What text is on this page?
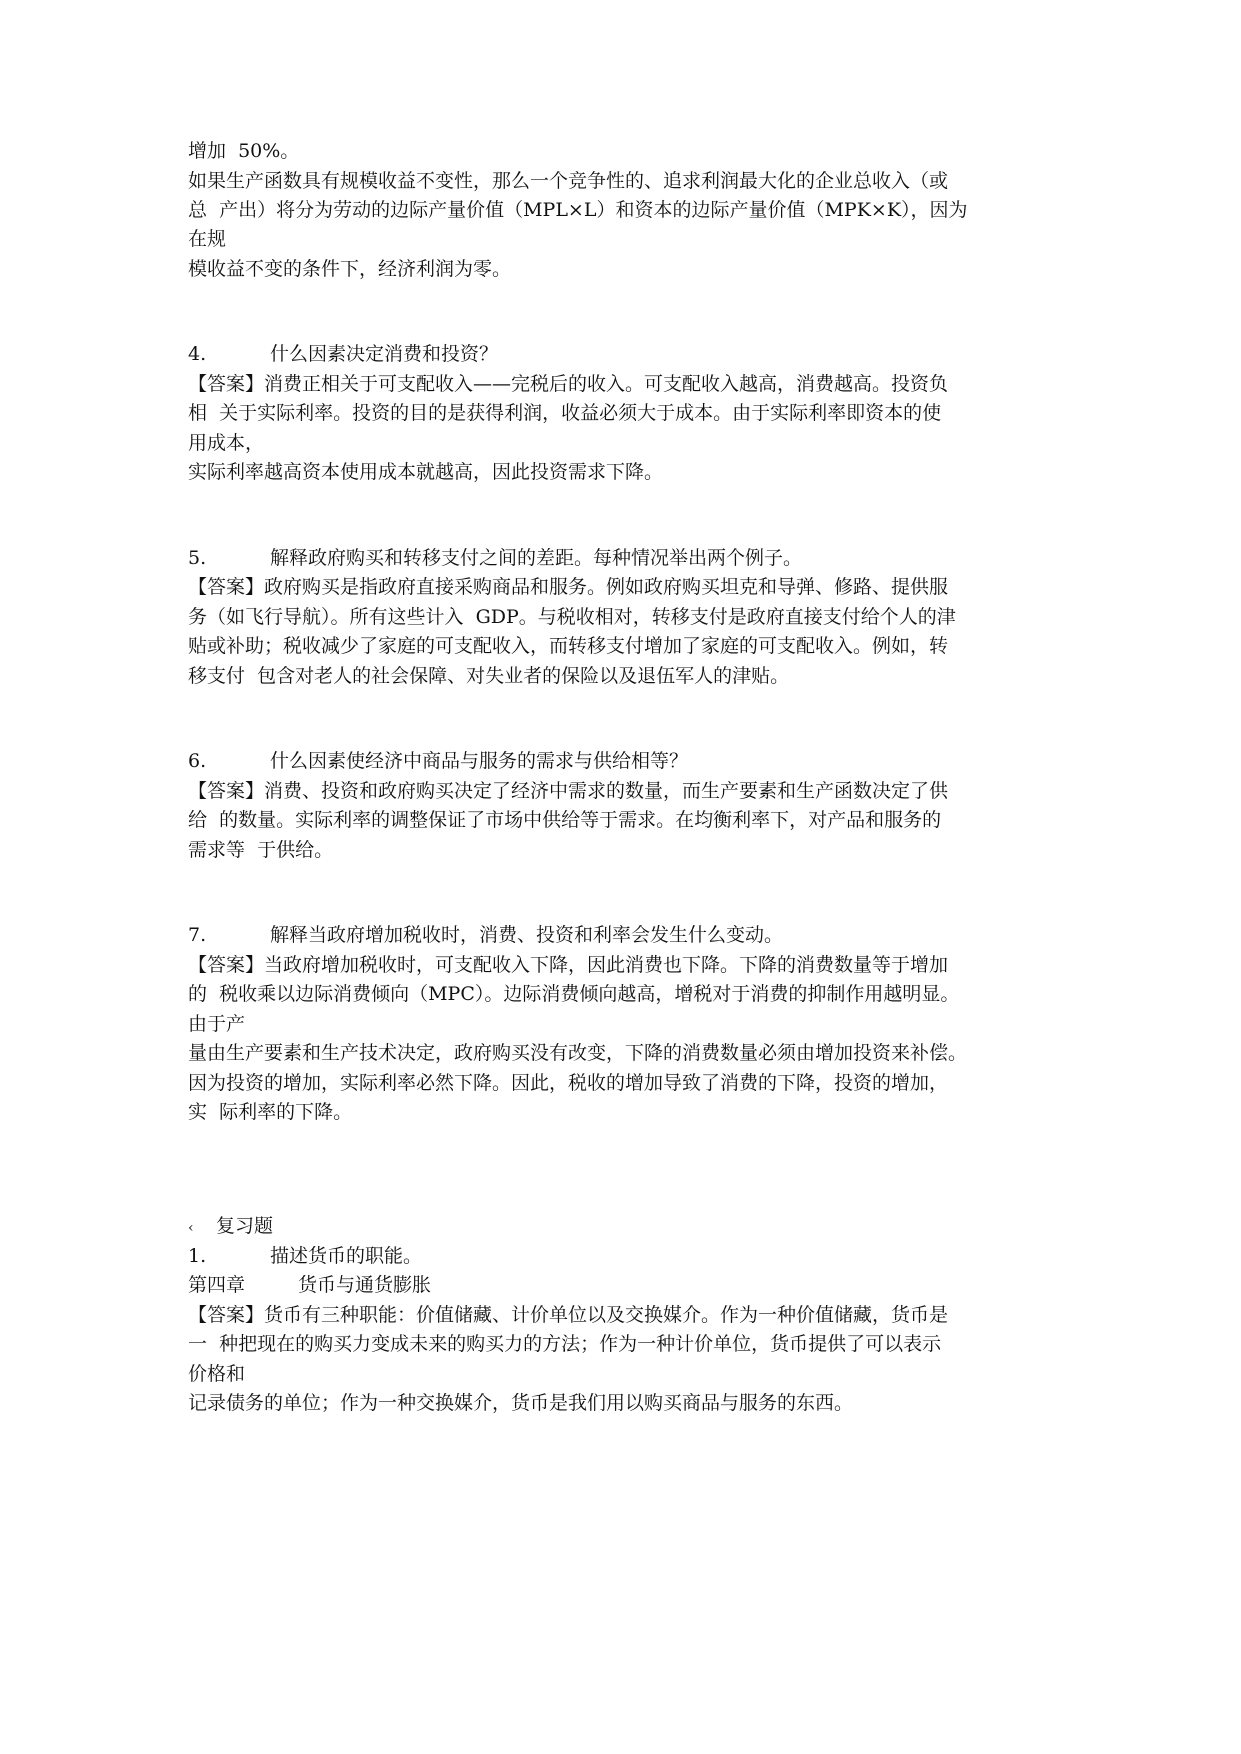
增加  50%。
如果生产函数具有规模收益不变性，那么一个竞争性的、追求利润最大化的企业总收入（或
总  产出）将分为劳动的边际产量价值（MPL×L）和资本的边际产量价值（MPK×K），因为
在规
模收益不变的条件下，经济利润为零。
4.	什么因素决定消费和投资？
【答案】消费正相关于可支配收入——完税后的收入。可支配收入越高，消费越高。投资负
相  关于实际利率。投资的目的是获得利润，收益必须大于成本。由于实际利率即资本的使
用成本，
实际利率越高资本使用成本就越高，因此投资需求下降。
5.	解释政府购买和转移支付之间的差距。每种情况举出两个例子。
【答案】政府购买是指政府直接采购商品和服务。例如政府购买坦克和导弹、修路、提供服
务（如飞行导航）。所有这些计入  GDP。与税收相对，转移支付是政府直接支付给个人的津
贴或补助；税收减少了家庭的可支配收入，而转移支付增加了家庭的可支配收入。例如，转
移支付  包含对老人的社会保障、对失业者的保险以及退伍军人的津贴。
6.	什么因素使经济中商品与服务的需求与供给相等？
【答案】消费、投资和政府购买决定了经济中需求的数量，而生产要素和生产函数决定了供
给  的数量。实际利率的调整保证了市场中供给等于需求。在均衡利率下，对产品和服务的
需求等  于供给。
7.	解释当政府增加税收时，消费、投资和利率会发生什么变动。
【答案】当政府增加税收时，可支配收入下降，因此消费也下降。下降的消费数量等于增加
的  税收乘以边际消费倾向（MPC）。边际消费倾向越高，增税对于消费的抑制作用越明显。
由于产
量由生产要素和生产技术决定，政府购买没有改变，下降的消费数量必须由增加投资来补偿。
因为投资的增加，实际利率必然下降。因此，税收的增加导致了消费的下降，投资的增加，
实  际利率的下降。
‹ 复习题
1.	描述货币的职能。
第四章	货币与通货膨胀
【答案】货币有三种职能：价值储藏、计价单位以及交换媒介。作为一种价值储藏，货币是
一  种把现在的购买力变成未来的购买力的方法；作为一种计价单位，货币提供了可以表示
价格和
记录债务的单位；作为一种交换媒介，货币是我们用以购买商品与服务的东西。
